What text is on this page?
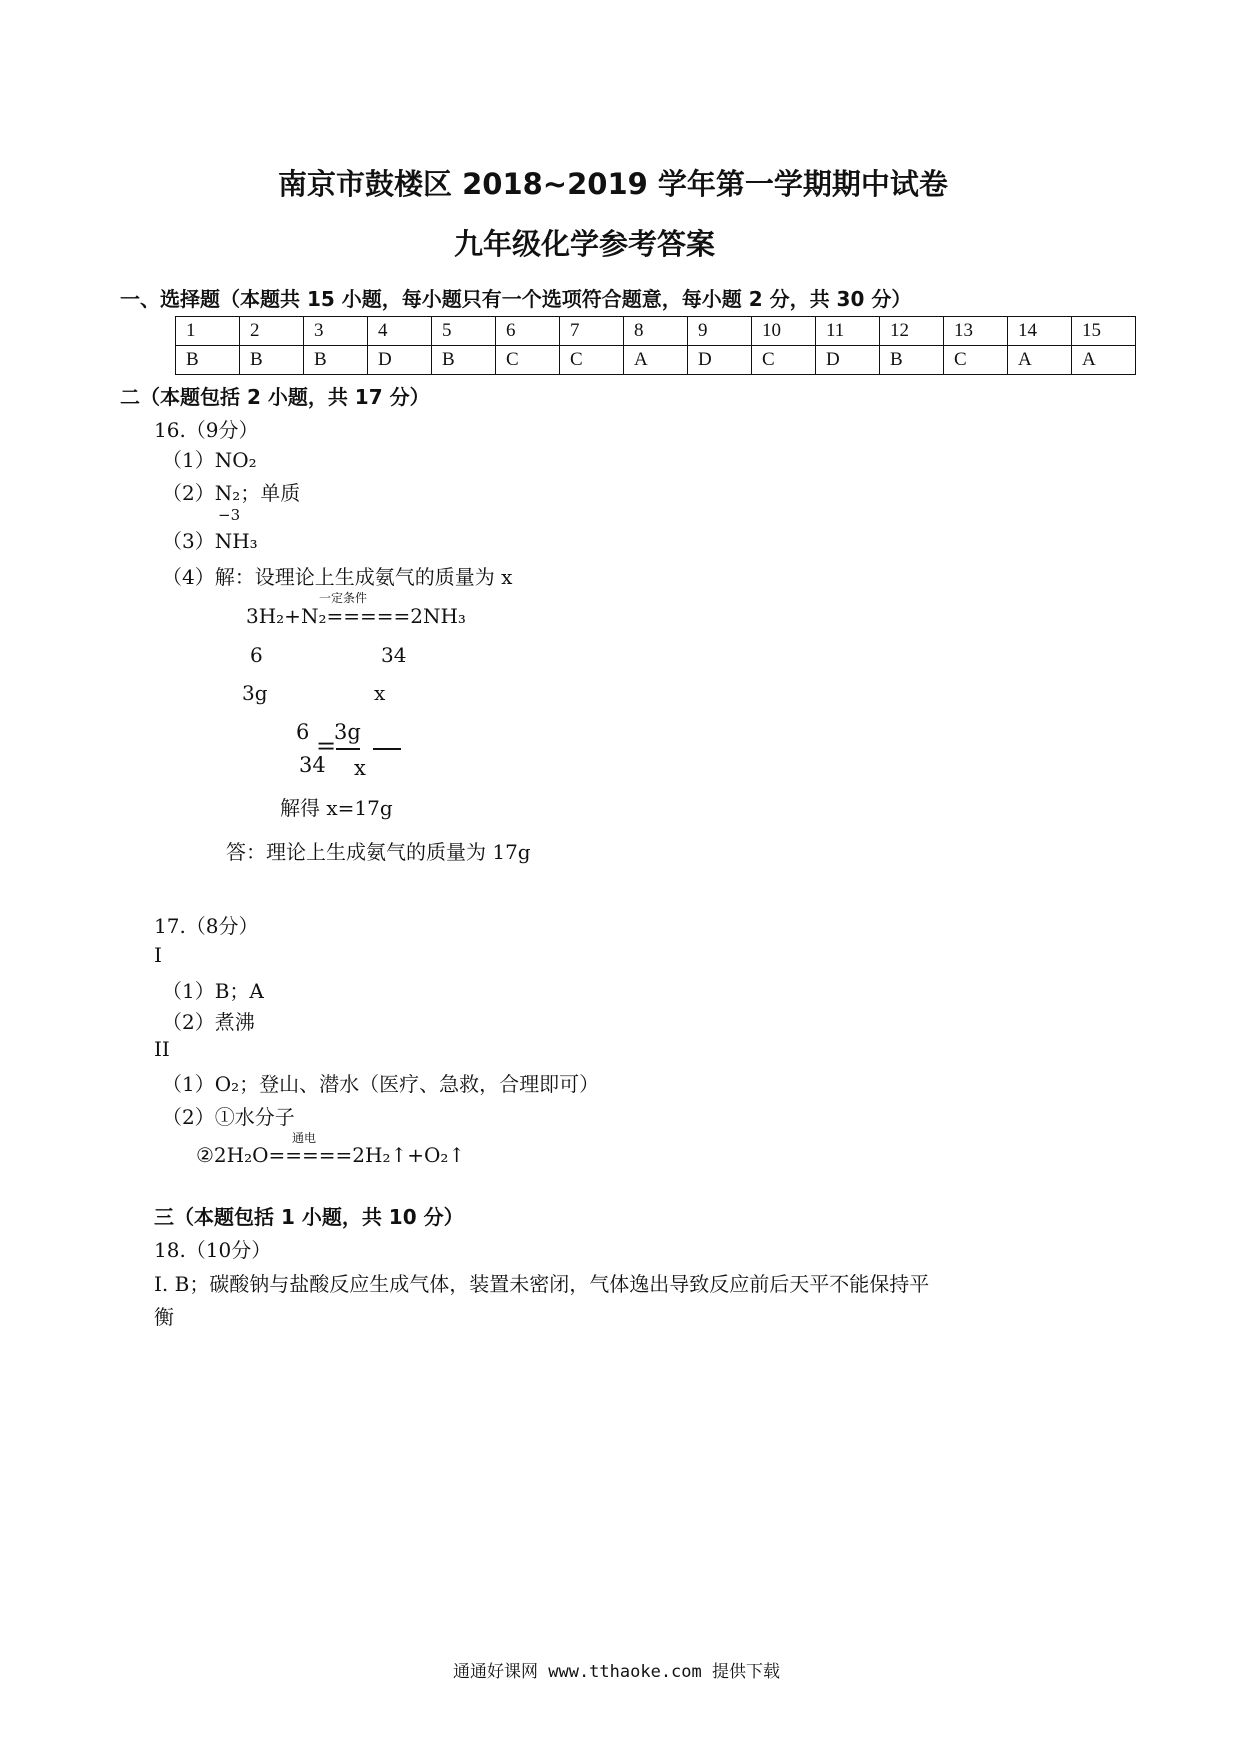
南京市鼓楼区 2018~2019 学年第一学期期中试卷
九年级化学参考答案
一、选择题（本题共 15 小题，每小题只有一个选项符合题意，每小题 2 分，共 30 分）
1	2	3	4	5	6	7	8	9	10	11	12	13	14	15
B	B	B	D	B	C	C	A	D	C	D	B	C	A	A
二（本题包括 2 小题，共 17 分）
16.（9分）
（1）NO₂
（2）N₂；单质
−3
（3）NH₃
（4）解：设理论上生成氨气的质量为 x
一定条件
3H₂+N₂=====2NH₃
6	34
3g	x
6 =
3g
34 x
解得 x=17g
答：理论上生成氨气的质量为 17g
17.（8分）
I
（1）B；A
（2）煮沸
II
（1）O₂；登山、潜水（医疗、急救，合理即可）
（2）①水分子
通电
②2H₂O=====2H₂↑+O₂↑
三（本题包括 1 小题，共 10 分）
18.（10分）
I. B；碳酸钠与盐酸反应生成气体，装置未密闭，气体逸出导致反应前后天平不能保持平
衡
通通好课网 www.tthaoke.com 提供下载
